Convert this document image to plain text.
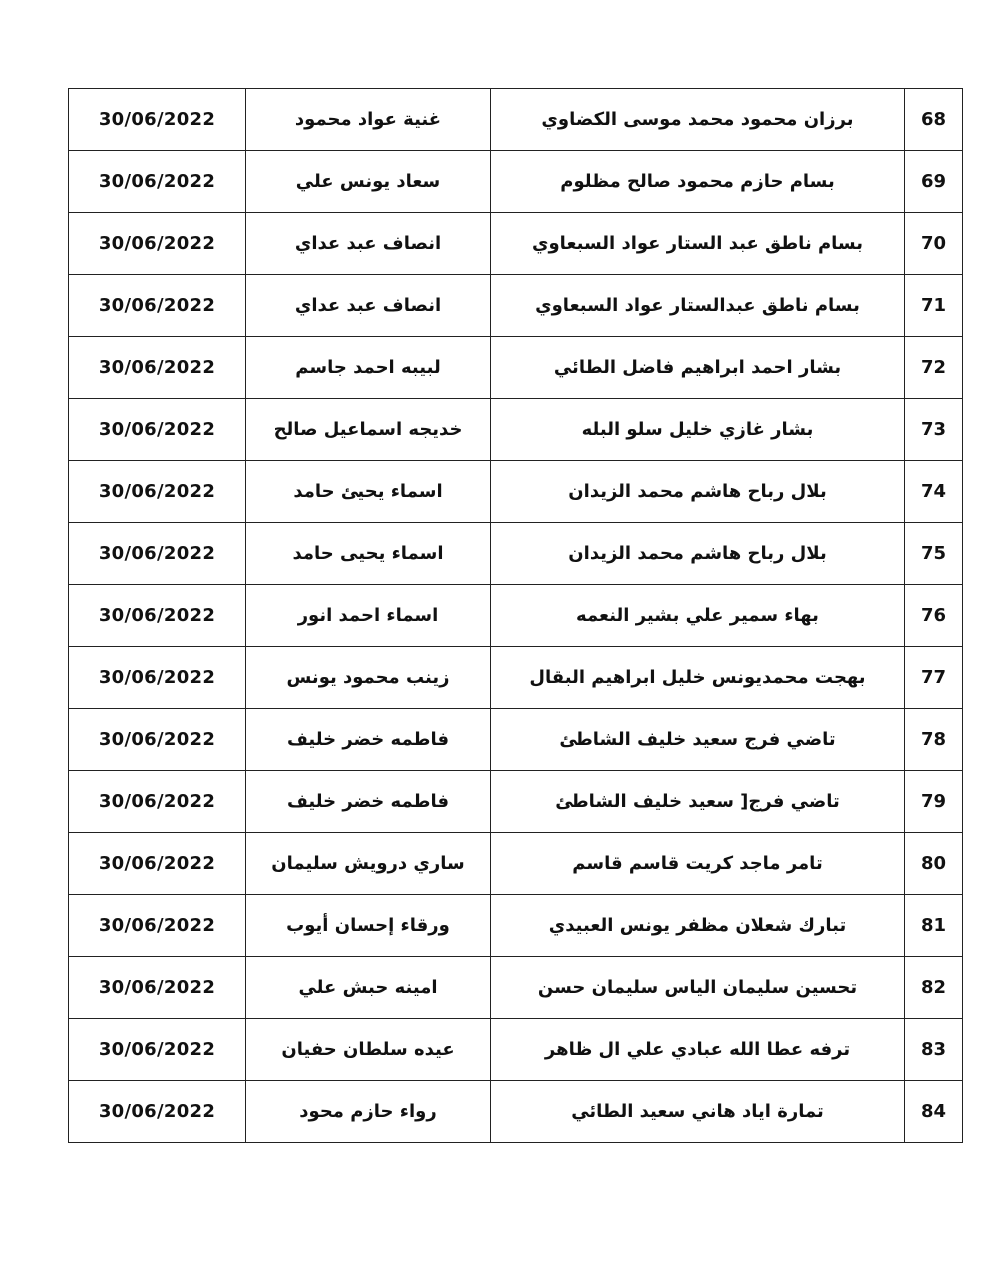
68	برزان محمود محمد موسى الكضاوي	غنية عواد محمود	30/06/2022
69	بسام حازم محمود صالح مظلوم	سعاد يونس علي	30/06/2022
70	بسام ناطق عبد الستار عواد السبعاوي	انصاف عبد عداي	30/06/2022
71	بسام ناطق عبدالستار عواد السبعاوي	انصاف عبد عداي	30/06/2022
72	بشار احمد ابراهيم فاضل الطائي	لبيبه احمد جاسم	30/06/2022
73	بشار غازي خليل سلو البله	خديجه اسماعيل صالح	30/06/2022
74	بلال رباح هاشم محمد الزيدان	اسماء يحيئ حامد	30/06/2022
75	بلال رباح هاشم محمد الزيدان	اسماء يحيى حامد	30/06/2022
76	بهاء سمير علي بشير النعمه	اسماء احمد انور	30/06/2022
77	بهجت محمديونس خليل ابراهيم البقال	زينب محمود يونس	30/06/2022
78	تاضي فرج سعيد خليف الشاطئ	فاطمه خضر خليف	30/06/2022
79	تاضي فرج[ سعيد خليف الشاطئ	فاطمه خضر خليف	30/06/2022
80	تامر ماجد كريت قاسم قاسم	ساري درويش سليمان	30/06/2022
81	تبارك شعلان مظفر يونس العبيدي	ورقاء إحسان أيوب	30/06/2022
82	تحسين سليمان الياس سليمان حسن	امينه حبش علي	30/06/2022
83	ترفه عطا الله عبادي علي ال ظاهر	عيده سلطان حفيان	30/06/2022
84	تمارة اياد هاني سعيد الطائي	رواء حازم محود	30/06/2022
